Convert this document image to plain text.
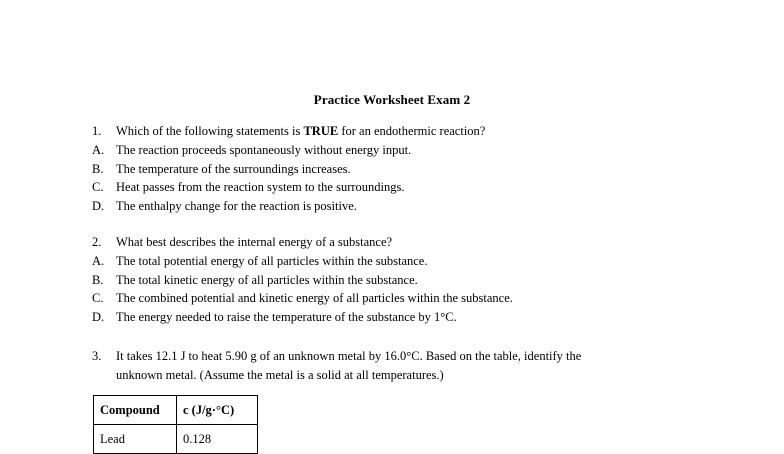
Practice Worksheet Exam 2
1. Which of the following statements is TRUE for an endothermic reaction?
A. The reaction proceeds spontaneously without energy input.
B. The temperature of the surroundings increases.
C. Heat passes from the reaction system to the surroundings.
D. The enthalpy change for the reaction is positive.
2. What best describes the internal energy of a substance?
A. The total potential energy of all particles within the substance.
B. The total kinetic energy of all particles within the substance.
C. The combined potential and kinetic energy of all particles within the substance.
D. The energy needed to raise the temperature of the substance by 1°C.
3. It takes 12.1 J to heat 5.90 g of an unknown metal by 16.0°C. Based on the table, identify the
unknown metal. (Assume the metal is a solid at all temperatures.)
Compound	c (J/g·°C)
Lead	0.128
